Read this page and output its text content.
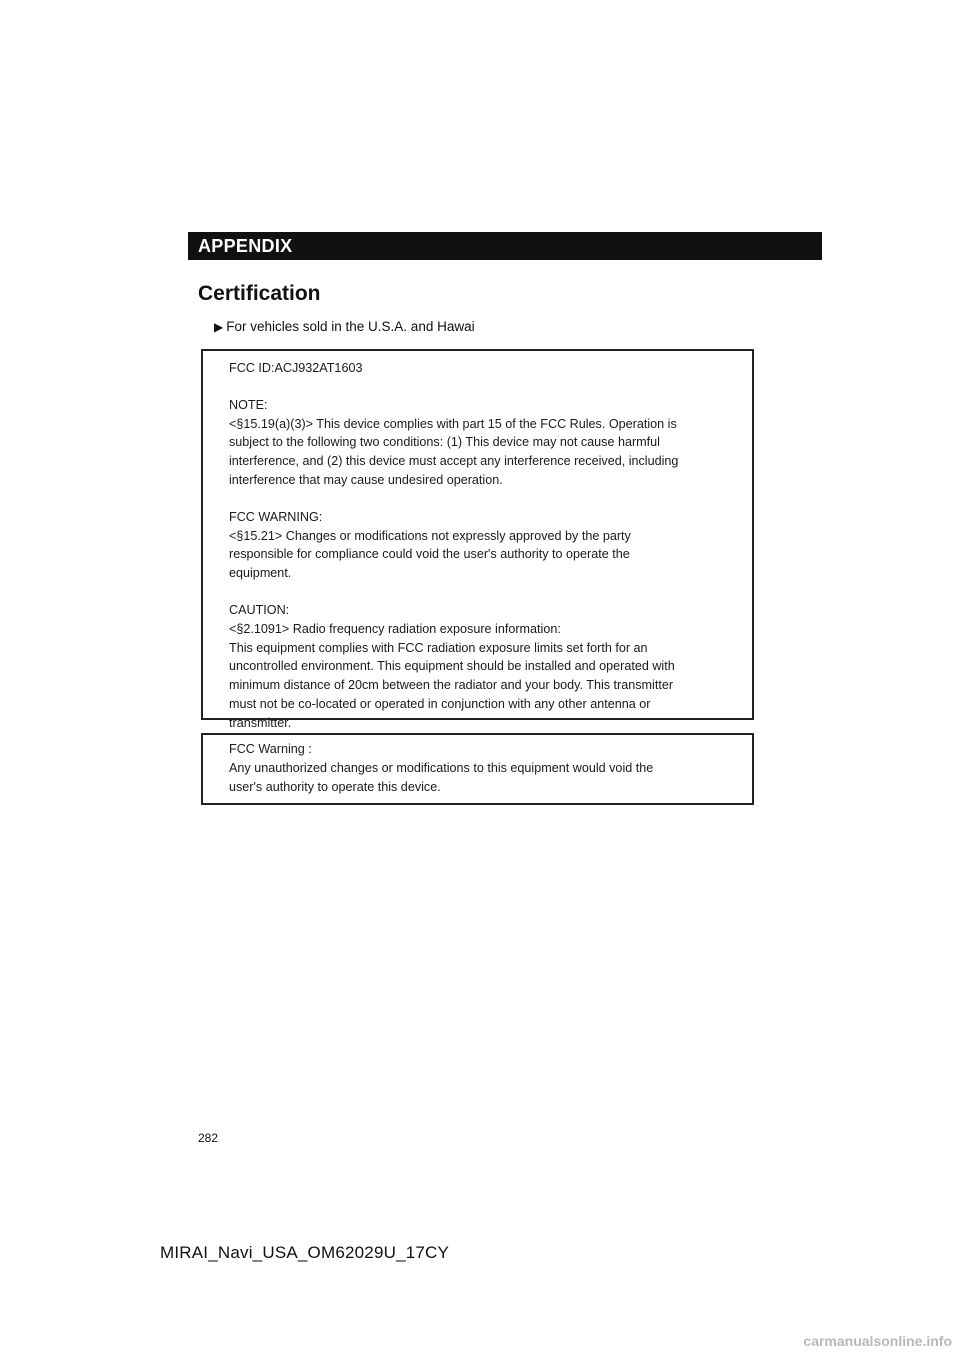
APPENDIX
Certification
▶ For vehicles sold in the U.S.A. and Hawai

FCC ID:ACJ932AT1603

NOTE:

<§15.19(a)(3)> This device complies with part 15 of the FCC Rules. Operation is
subject to the following two conditions: (1) This device may not cause harmful
interference, and (2) this device must accept any interference received, including
interference that may cause undesired operation.

FCC WARNING:

<§15.21> Changes or modifications not expressly approved by the party
responsible for compliance could void the user's authority to operate the
equipment.

CAUTION:

<§2.1091> Radio frequency radiation exposure information:
This equipment complies with FCC radiation exposure limits set forth for an
uncontrolled environment. This equipment should be installed and operated with
minimum distance of 20cm between the radiator and your body. This transmitter
must not be co-located or operated in conjunction with any other antenna or
transmitter.

FCC Warning :

Any unauthorized changes or modifications to this equipment would void the
user's authority to operate this device.

282
MIRAI_Navi_USA_OM62029U_17CY
carmanualsonline.info
